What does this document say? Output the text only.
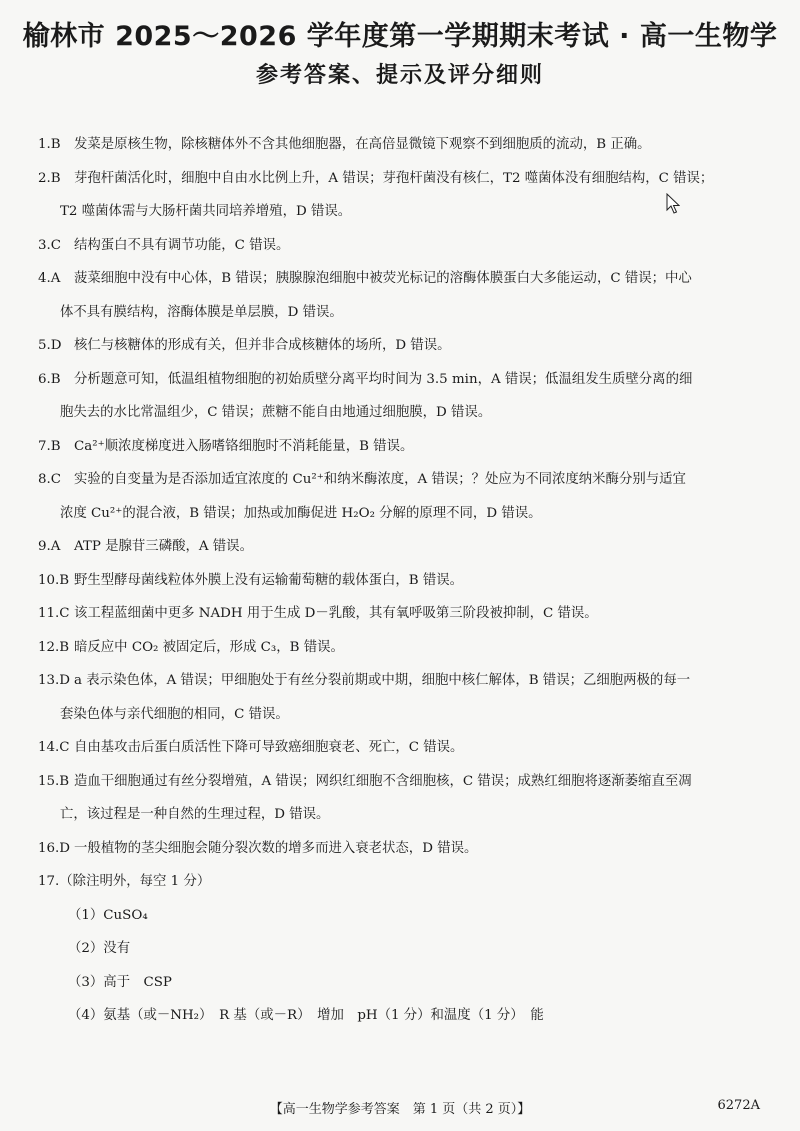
榆林市 2025～2026 学年度第一学期期末考试 · 高一生物学
参考答案、提示及评分细则

1.B 发菜是原核生物，除核糖体外不含其他细胞器，在高倍显微镜下观察不到细胞质的流动，B 正确。

2.B 芽孢杆菌活化时，细胞中自由水比例上升，A 错误；芽孢杆菌没有核仁，T2 噬菌体没有细胞结构，C 错误；

T2 噬菌体需与大肠杆菌共同培养增殖，D 错误。

3.C 结构蛋白不具有调节功能，C 错误。

4.A 菠菜细胞中没有中心体，B 错误；胰腺腺泡细胞中被荧光标记的溶酶体膜蛋白大多能运动，C 错误；中心

体不具有膜结构，溶酶体膜是单层膜，D 错误。

5.D 核仁与核糖体的形成有关，但并非合成核糖体的场所，D 错误。

6.B 分析题意可知，低温组植物细胞的初始质壁分离平均时间为 3.5 min，A 错误；低温组发生质壁分离的细

胞失去的水比常温组少，C 错误；蔗糖不能自由地通过细胞膜，D 错误。

7.B Ca²⁺顺浓度梯度进入肠嗜铬细胞时不消耗能量，B 错误。

8.C 实验的自变量为是否添加适宜浓度的 Cu²⁺和纳米酶浓度，A 错误；？处应为不同浓度纳米酶分别与适宜

浓度 Cu²⁺的混合液，B 错误；加热或加酶促进 H₂O₂ 分解的原理不同，D 错误。

9.A ATP 是腺苷三磷酸，A 错误。

10.B 野生型酵母菌线粒体外膜上没有运输葡萄糖的载体蛋白，B 错误。

11.C 该工程蓝细菌中更多 NADH 用于生成 D－乳酸，其有氧呼吸第三阶段被抑制，C 错误。

12.B 暗反应中 CO₂ 被固定后，形成 C₃，B 错误。

13.D a 表示染色体，A 错误；甲细胞处于有丝分裂前期或中期，细胞中核仁解体，B 错误；乙细胞两极的每一

套染色体与亲代细胞的相同，C 错误。

14.C 自由基攻击后蛋白质活性下降可导致癌细胞衰老、死亡，C 错误。

15.B 造血干细胞通过有丝分裂增殖，A 错误；网织红细胞不含细胞核，C 错误；成熟红细胞将逐渐萎缩直至凋

亡，该过程是一种自然的生理过程，D 错误。

16.D 一般植物的茎尖细胞会随分裂次数的增多而进入衰老状态，D 错误。

17.（除注明外，每空 1 分）

（1）CuSO₄

（2）没有

（3）高于　CSP

（4）氨基（或－NH₂）　R 基（或－R）　增加　pH（1 分）和温度（1 分）　能

【高一生物学参考答案　第 1 页（共 2 页）】	6272A
